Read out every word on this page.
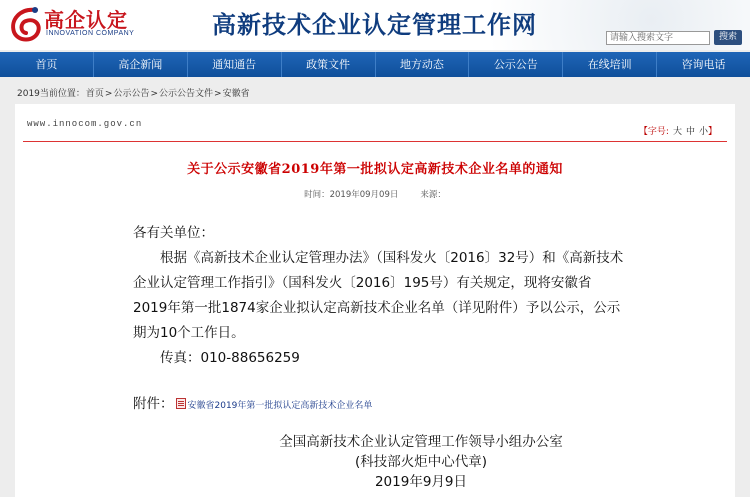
高企认定
INNOVATION COMPANY	高新技术企业认定管理工作网	请输入搜索文字	搜索
首页	高企新闻	通知通告	政策文件	地方动态	公示公告	在线培训	咨询电话
2019当前位置：首页>公示公告>公示公告文件>安徽省
www.innocom.gov.cn
【字号: 大 中 小】
关于公示安徽省2019年第一批拟认定高新技术企业名单的通知
时间：2019年09月09日	来源：

各有关单位：

根据《高新技术企业认定管理办法》（国科发火〔2016〕32号）和《高新技术企业认定管理工作指引》（国科发火〔2016〕195号）有关规定，现将安徽省2019年第一批1874家企业拟认定高新技术企业名单（详见附件）予以公示，公示期为10个工作日。

传真：010-88656259

附件： 安徽省2019年第一批拟认定高新技术企业名单
全国高新技术企业认定管理工作领导小组办公室
(科技部火炬中心代章)
2019年9月9日
